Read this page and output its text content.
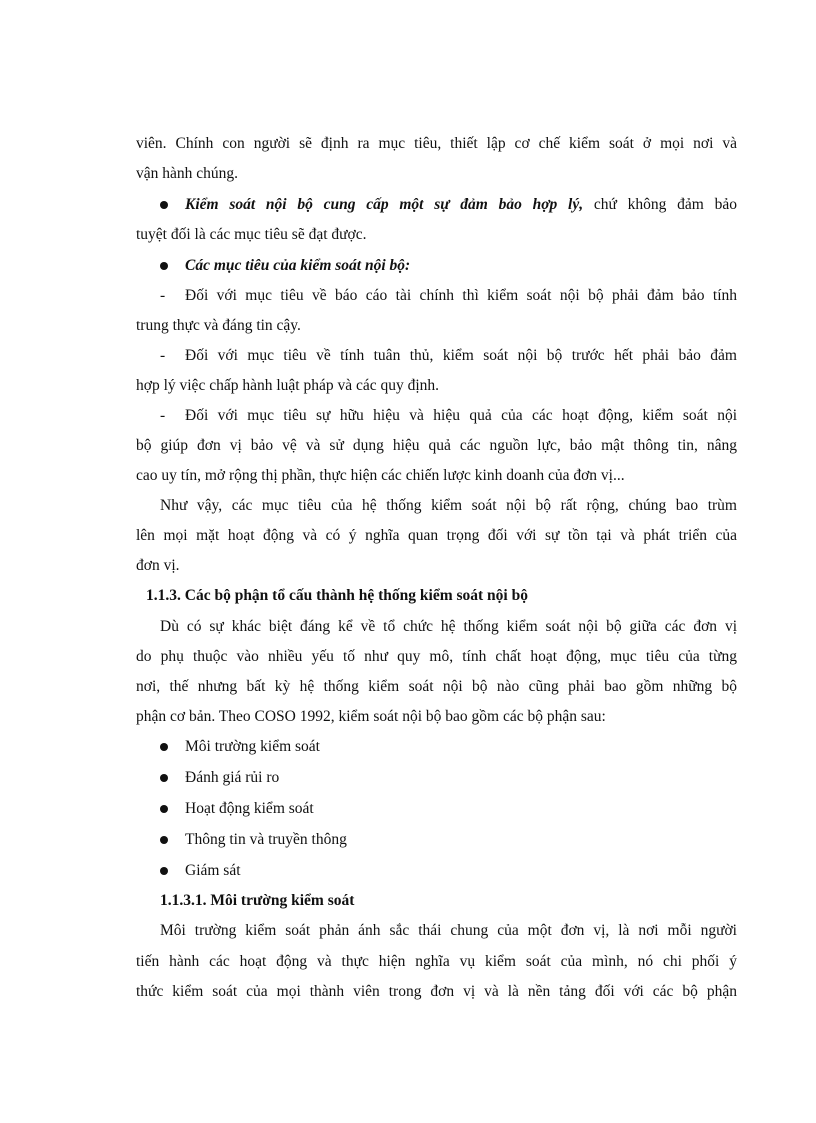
viên. Chính con người sẽ định ra mục tiêu, thiết lập cơ chế kiểm soát ở mọi nơi và
vận hành chúng.
Kiểm soát nội bộ cung cấp một sự đảm bảo hợp lý, chứ không đảm bảo
tuyệt đối là các mục tiêu sẽ đạt được.
Các mục tiêu của kiểm soát nội bộ:
-	Đối với mục tiêu về báo cáo tài chính thì kiểm soát nội bộ phải đảm bảo tính
trung thực và đáng tin cậy.
-	Đối với mục tiêu về tính tuân thủ, kiểm soát nội bộ trước hết phải bảo đảm
hợp lý việc chấp hành luật pháp và các quy định.
-	Đối với mục tiêu sự hữu hiệu và hiệu quả của các hoạt động, kiểm soát nội
bộ giúp đơn vị bảo vệ và sử dụng hiệu quả các nguồn lực, bảo mật thông tin, nâng
cao uy tín, mở rộng thị phần, thực hiện các chiến lược kinh doanh của đơn vị...
Như vậy, các mục tiêu của hệ thống kiểm soát nội bộ rất rộng, chúng bao trùm
lên mọi mặt hoạt động và có ý nghĩa quan trọng đối với sự tồn tại và phát triển của
đơn vị.
1.1.3. Các bộ phận tổ cấu thành hệ thống kiểm soát nội bộ
Dù có sự khác biệt đáng kể về tổ chức hệ thống kiểm soát nội bộ giữa các đơn vị
do phụ thuộc vào nhiều yếu tố như quy mô, tính chất hoạt động, mục tiêu của từng
nơi, thế nhưng bất kỳ hệ thống kiểm soát nội bộ nào cũng phải bao gồm những bộ
phận cơ bản. Theo COSO 1992, kiểm soát nội bộ bao gồm các bộ phận sau:
Môi trường kiểm soát
Đánh giá rủi ro
Hoạt động kiểm soát
Thông tin và truyền thông
Giám sát
1.1.3.1. Môi trường kiểm soát
Môi trường kiểm soát phản ánh sắc thái chung của một đơn vị, là nơi mỗi người
tiến hành các hoạt động và thực hiện nghĩa vụ kiểm soát của mình, nó chi phối ý
thức kiểm soát của mọi thành viên trong đơn vị và là nền tảng đối với các bộ phận
